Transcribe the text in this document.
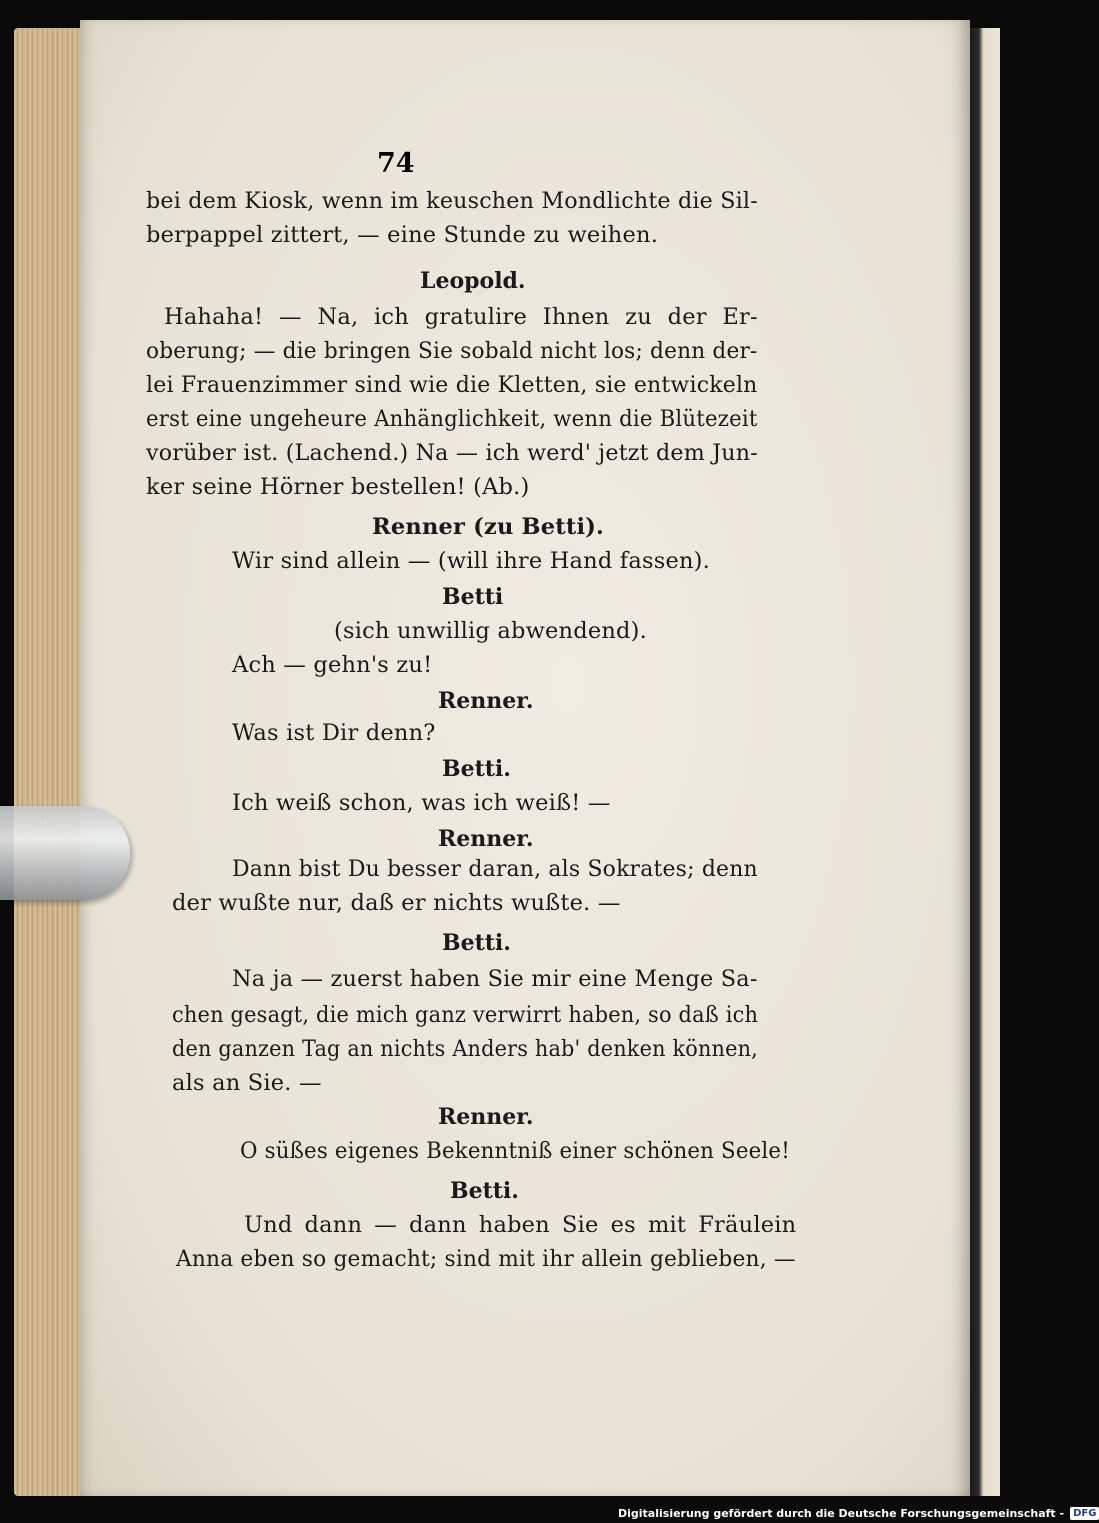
74
bei dem Kiosk, wenn im keuschen Mondlichte die Sil-
berpappel zittert, — eine Stunde zu weihen.
Leopold.
Hahaha! — Na, ich gratulire Ihnen zu der Er-
oberung; — die bringen Sie sobald nicht los; denn der-
lei Frauenzimmer sind wie die Kletten, sie entwickeln
erst eine ungeheure Anhänglichkeit, wenn die Blütezeit
vorüber ist. (Lachend.) Na — ich werd' jetzt dem Jun-
ker seine Hörner bestellen! (Ab.)
Renner (zu Betti).
Wir sind allein — (will ihre Hand fassen).
Betti
(sich unwillig abwendend).
Ach — gehn's zu!
Renner.
Was ist Dir denn?
Betti.
Ich weiß schon, was ich weiß! —
Renner.
Dann bist Du besser daran, als Sokrates; denn
der wußte nur, daß er nichts wußte. —
Betti.
Na ja — zuerst haben Sie mir eine Menge Sa-
chen gesagt, die mich ganz verwirrt haben, so daß ich
den ganzen Tag an nichts Anders hab' denken können,
als an Sie. —
Renner.
O süßes eigenes Bekenntniß einer schönen Seele!
Betti.
Und dann — dann haben Sie es mit Fräulein
Anna eben so gemacht; sind mit ihr allein geblieben, —
Digitalisierung gefördert durch die Deutsche Forschungsgemeinschaft - DFG
